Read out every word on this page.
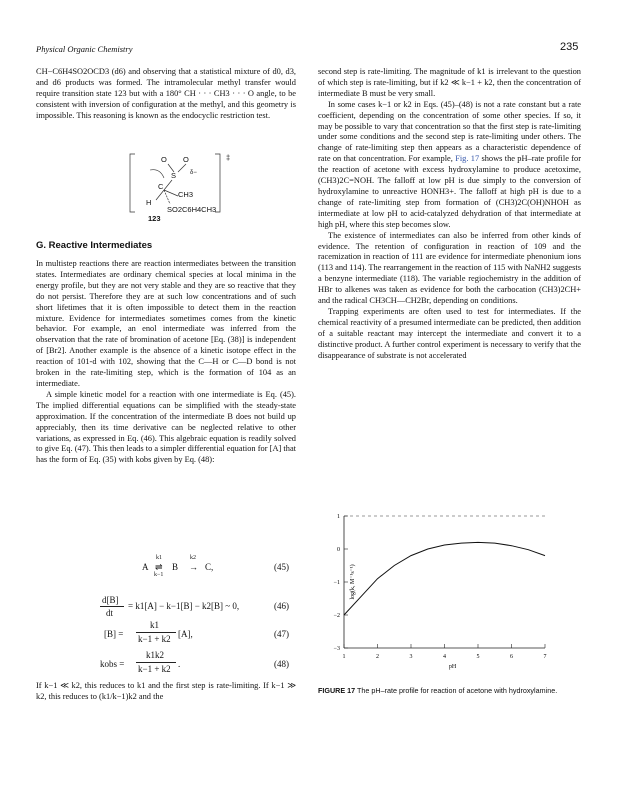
Physical Organic Chemistry	235

CH−C6H4SO2OCD3 (d6) and observing that a statistical mixture of d0, d3, and d6 products was formed. The intramolecular methyl transfer would require transition state 123 but with a 180° CH · · · CH3 · · · O angle, to be consistent with inversion of configuration at the methyl, and this geometry is impossible. This reasoning is known as the endocyclic restriction test.

O O
S
C
δ−
CH3
H
SO2C6H4CH3
‡
123
G. Reactive Intermediates

In multistep reactions there are reaction intermediates between the transition states. Intermediates are ordinary chemical species at local minima in the energy profile, but they are not very stable and they are so reactive that they do not persist. Therefore they are at such low concentrations and of such short lifetimes that it is often impossible to detect them in the reaction mixture. Evidence for intermediates sometimes comes from the kinetic behavior. For example, an enol intermediate was inferred from the observation that the rate of bromination of acetone [Eq. (38)] is independent of [Br2]. Another example is the absence of a kinetic isotope effect in the reaction of 101-d with 102, showing that the C—H or C—D bond is not broken in the rate-limiting step, which is the formation of 104 as an intermediate.

A simple kinetic model for a reaction with one intermediate is Eq. (45). The implied differential equations can be simplified with the steady-state approximation. If the concentration of the intermediate B does not build up appreciably, then its time derivative can be neglected relative to other variations, as expressed in Eq. (46). This algebraic equation is readily solved to give Eq. (47). This then leads to a simpler differential equation for [A] that has the form of Eq. (35) with kobs given by Eq. (48):

A
k1
⇌
k−1
B
k2
→ C,	(45)
d[B]
dt
= k1[A] − k−1[B] − k2[B] ~ 0,	(46)
[B] =
k1
k−1 + k2 [A],	(47)
kobs =
k1k2
k−1 + k2 .	(48)
If k−1 ≪ k2, this reduces to k1 and the first step is rate-limiting. If k−1 ≫ k2, this reduces to (k1/k−1)k2 and the

second step is rate-limiting. The magnitude of k1 is irrelevant to the question of which step is rate-limiting, but if k2 ≪ k−1 + k2, then the concentration of intermediate B must be very small.

In some cases k−1 or k2 in Eqs. (45)–(48) is not a rate constant but a rate coefficient, depending on the concentration of some other species. If so, it may be possible to vary that concentration so that the first step is rate-limiting under some conditions and the second step is rate-limiting under others. The change of rate-limiting step then appears as a characteristic dependence of rate on that concentration. For example, Fig. 17 shows the pH–rate profile for the reaction of acetone with excess hydroxylamine to produce acetoxime, (CH3)2C=NOH. The falloff at low pH is due simply to the conversion of hydroxylamine to unreactive HONH3+. The falloff at high pH is due to a change of rate-limiting step from formation of (CH3)2C(OH)NHOH as intermediate at low pH to acid-catalyzed dehydration of that intermediate at high pH, where this step becomes slow.

The existence of intermediates can also be inferred from other kinds of evidence. The retention of configuration in reaction of 109 and the racemization in reaction of 111 are evidence for intermediate phenonium ions (113 and 114). The rearrangement in the reaction of 115 with NaNH2 suggests a benzyne intermediate (118). The variable regiochemistry in the addition of HBr to alkenes was taken as evidence for both the carbocation (CH3)2CH+ and the radical CH3CH—CH2Br, depending on conditions.

Trapping experiments are often used to test for intermediates. If the chemical reactivity of a presumed intermediate can be predicted, then addition of a suitable reactant may intercept the intermediate and convert it to a distinctive product. A further control experiment is necessary to verify that the disappearance of substrate is not accelerated

1	2	3	4	5	6	7
1
0
−1
−2
−3
pH
log(k, M⁻¹s⁻¹)
FIGURE 17 The pH–rate profile for reaction of acetone with hydroxylamine.
